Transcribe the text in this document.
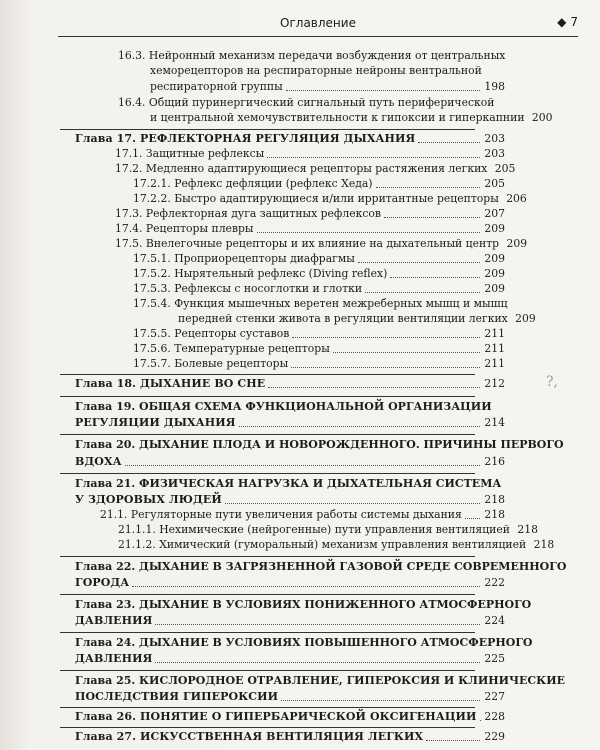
Оглавление	◆ 7
?,
16.3. Нейронный механизм передачи возбуждения от центральных
хеморецепторов на респираторные нейроны вентральной
респираторной группы	198
16.4. Общий пуринергический сигнальный путь периферической
и центральной хемочувствительности к гипоксии и гиперкапнии 200
Глава 17. РЕФЛЕКТОРНАЯ РЕГУЛЯЦИЯ ДЫХАНИЯ	203
17.1. Защитные рефлексы	203
17.2. Медленно адаптирующиеся рецепторы растяжения легких 205
17.2.1. Рефлекс дефляции (рефлекс Хеда)	205
17.2.2. Быстро адаптирующиеся и/или ирритантные рецепторы 206
17.3. Рефлекторная дуга защитных рефлексов	207
17.4. Рецепторы плевры	209
17.5. Внелегочные рецепторы и их влияние на дыхательный центр 209
17.5.1. Проприорецепторы диафрагмы	209
17.5.2. Нырятельный рефлекс (Diving reflex)	209
17.5.3. Рефлексы с носоглотки и глотки	209
17.5.4. Функция мышечных веретен межреберных мышц и мышц
передней стенки живота в регуляции вентиляции легких 209
17.5.5. Рецепторы суставов	211
17.5.6. Температурные рецепторы	211
17.5.7. Болевые рецепторы	211
Глава 18. ДЫХАНИЕ ВО СНЕ	212
Глава 19. ОБЩАЯ СХЕМА ФУНКЦИОНАЛЬНОЙ ОРГАНИЗАЦИИ
РЕГУЛЯЦИИ ДЫХАНИЯ	214
Глава 20. ДЫХАНИЕ ПЛОДА И НОВОРОЖДЕННОГО. ПРИЧИНЫ ПЕРВОГО
ВДОХА	216
Глава 21. ФИЗИЧЕСКАЯ НАГРУЗКА И ДЫХАТЕЛЬНАЯ СИСТЕМА
У ЗДОРОВЫХ ЛЮДЕЙ	218
21.1. Регуляторные пути увеличения работы системы дыхания 218
21.1.1. Нехимические (нейрогенные) пути управления вентиляцией 218
21.1.2. Химический (гуморальный) механизм управления вентиляцией 218
Глава 22. ДЫХАНИЕ В ЗАГРЯЗНЕННОЙ ГАЗОВОЙ СРЕДЕ СОВРЕМЕННОГО
ГОРОДА	222
Глава 23. ДЫХАНИЕ В УСЛОВИЯХ ПОНИЖЕННОГО АТМОСФЕРНОГО
ДАВЛЕНИЯ	224
Глава 24. ДЫХАНИЕ В УСЛОВИЯХ ПОВЫШЕННОГО АТМОСФЕРНОГО
ДАВЛЕНИЯ	225
Глава 25. КИСЛОРОДНОЕ ОТРАВЛЕНИЕ, ГИПЕРОКСИЯ И КЛИНИЧЕСКИЕ
ПОСЛЕДСТВИЯ ГИПЕРОКСИИ	227
Глава 26. ПОНЯТИЕ О ГИПЕРБАРИЧЕСКОЙ ОКСИГЕНАЦИИ 228
Глава 27. ИСКУССТВЕННАЯ ВЕНТИЛЯЦИЯ ЛЕГКИХ	229
